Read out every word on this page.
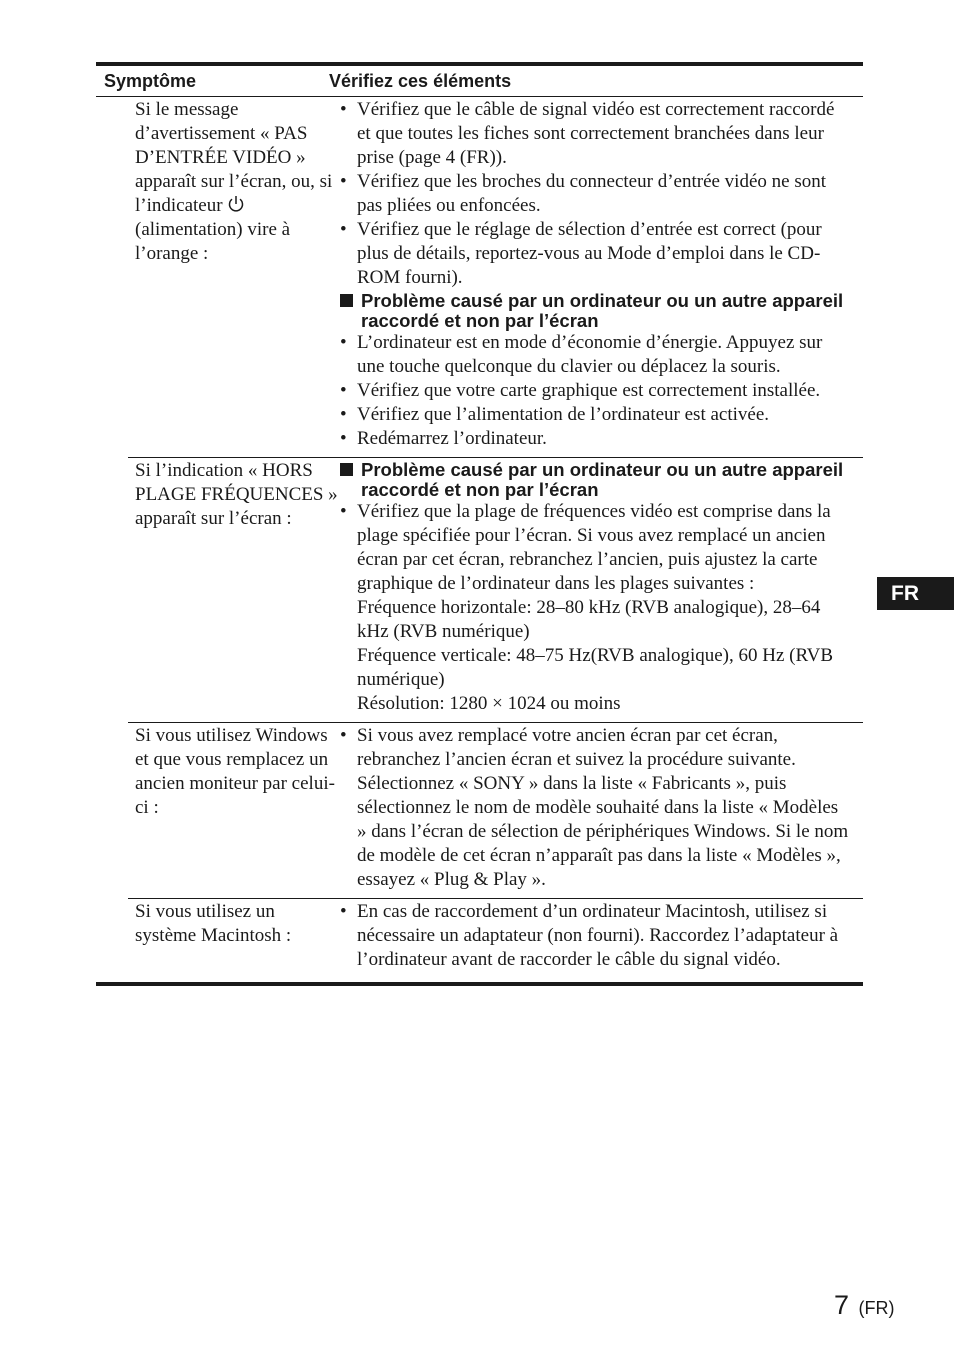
Symptôme	Vérifiez ces éléments
Si le message d’avertissement « PAS D’ENTRÉE VIDÉO » apparaît sur l’écran, ou, si l’indicateur  (alimentation) vire à l’orange :
• Vérifiez que le câble de signal vidéo est correctement raccordé et que toutes les fiches sont correctement branchées dans leur prise (page 4 (FR)).
• Vérifiez que les broches du connecteur d’entrée vidéo ne sont pas pliées ou enfoncées.
• Vérifiez que le réglage de sélection d’entrée est correct (pour plus de détails, reportez-vous au Mode d’emploi dans le CD-ROM fourni).
Problème causé par un ordinateur ou un autre appareil raccordé et non par l’écran
• L’ordinateur est en mode d’économie d’énergie. Appuyez sur une touche quelconque du clavier ou déplacez la souris.
• Vérifiez que votre carte graphique est correctement installée.
• Vérifiez que l’alimentation de l’ordinateur est activée.
• Redémarrez l’ordinateur.
Si l’indication « HORS PLAGE FRÉQUENCES » apparaît sur l’écran :
Problème causé par un ordinateur ou un autre appareil raccordé et non par l’écran
• Vérifiez que la plage de fréquences vidéo est comprise dans la plage spécifiée pour l’écran. Si vous avez remplacé un ancien écran par cet écran, rebranchez l’ancien, puis ajustez la carte graphique de l’ordinateur dans les plages suivantes :
Fréquence horizontale: 28–80 kHz (RVB analogique), 28–64 kHz (RVB numérique)
Fréquence verticale: 48–75 Hz(RVB analogique), 60 Hz (RVB numérique)
Résolution: 1280 × 1024 ou moins
Si vous utilisez Windows et que vous remplacez un ancien moniteur par celui-ci :
• Si vous avez remplacé votre ancien écran par cet écran, rebranchez l’ancien écran et suivez la procédure suivante. Sélectionnez « SONY » dans la liste « Fabricants », puis sélectionnez le nom de modèle souhaité dans la liste « Modèles » dans l’écran de sélection de périphériques Windows. Si le nom de modèle de cet écran n’apparaît pas dans la liste « Modèles », essayez « Plug & Play ».
Si vous utilisez un système Macintosh :
• En cas de raccordement d’un ordinateur Macintosh, utilisez si nécessaire un adaptateur (non fourni). Raccordez l’adaptateur à l’ordinateur avant de raccorder le câble du signal vidéo.
FR
7 (FR)
